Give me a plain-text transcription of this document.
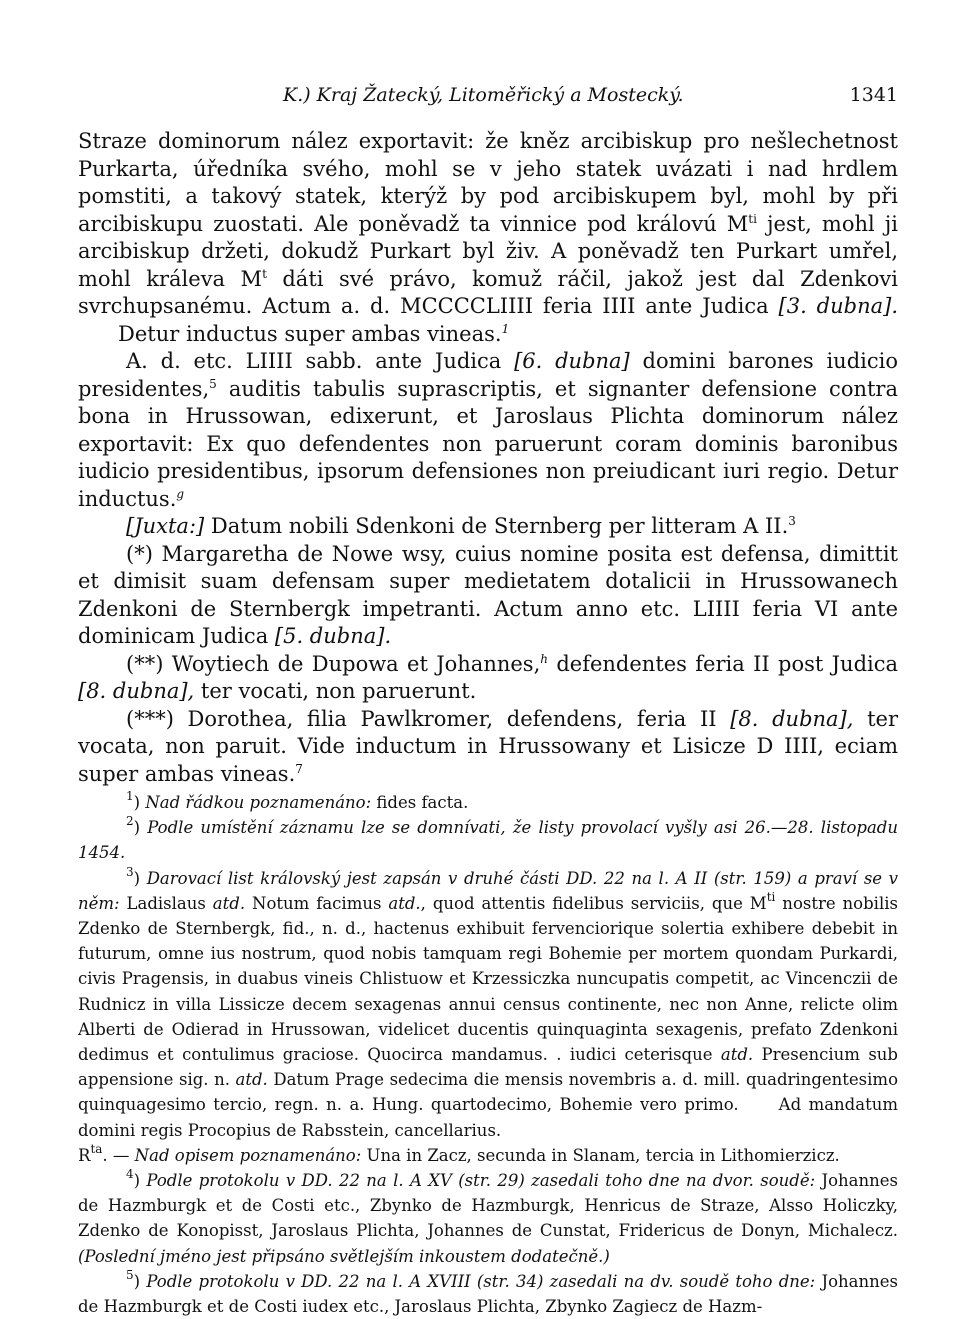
K.) Kraj Žatecký, Litoměřický a Mostecký.	1341

Straze dominorum nález exportavit: že kněz arcibiskup pro nešlechetnost Purkarta, úředníka svého, mohl se v jeho statek uvázati i nad hrdlem pomstiti, a takový statek, kterýž by pod arcibiskupem byl, mohl by při arcibiskupu zuostati. Ale poněvadž ta vinnice pod královú $M^{ti}$ jest, mohl ji arcibiskup držeti, dokudž Purkart byl živ. A poněvadž ten Purkart umřel, mohl králeva $M^t$ dáti své právo, komuž ráčil, jakož jest dal Zdenkovi svrchupsanému. Actum a. d. MCCCCLIIII feria IIII ante Judica [3. dubna].Detur inductus super ambas vineas.$^1$

A. d. etc. LIIII sabb. ante Judica [6. dubna] domini barones iudicio presidentes,$^5$ auditis tabulis suprascriptis, et signanter defensione contra bona in Hrussowan, edixerunt, et Jaroslaus Plichta dominorum nález exportavit: Ex quo defendentes non paruerunt coram dominis baronibus iudicio presidentibus, ipsorum defensiones non preiudicant iuri regio. Detur inductus.$^g$

[Juxta:] Datum nobili Sdenkoni de Sternberg per litteram A II.$^3$

(*) Margaretha de Nowe wsy, cuius nomine posita est defensa, dimittit et dimisit suam defensam super medietatem dotalicii in Hrussowanech Zdenkoni de Sternbergk impetranti. Actum anno etc. LIIII feria VI ante dominicam Judica [5. dubna].

(**) Woytiech de Dupowa et Johannes,$^h$ defendentes feria II post Judica [8. dubna], ter vocati, non paruerunt.

(***) Dorothea, filia Pawlkromer, defendens, feria II [8. dubna], ter vocata, non paruit. Vide inductum in Hrussowany et Lisicze D IIII, eciam super ambas vineas.$^7$

$^1$) Nad řádkou poznamenáno: fides facta.

$^2$) Podle umístění záznamu lze se domnívati, že listy provolací vyšly asi 26.—28. listopadu 1454.

$^3$) Darovací list královský jest zapsán v druhé části DD. 22 na l. A II (str. 159) a praví se v něm: Ladislaus atd. Notum facimus atd., quod attentis fidelibus serviciis, que $M^{ti}$ nostre nobilis Zdenko de Sternbergk, fid., n. d., hactenus exhibuit fervenciorique solertia exhibere debebit in futurum, omne ius nostrum, quod nobis tamquam regi Bohemie per mortem quondam Purkardi, civis Pragensis, in duabus vineis Chlistuow et Krzessiczka nuncupatis competit, ac Vincenczii de Rudnicz in villa Lissicze decem sexagenas annui census continente, nec non Anne, relicte olim Alberti de Odierad in Hrussowan, videlicet ducentis quinquaginta sexagenis, prefato Zdenkoni dedimus et contulimus graciose. Quocirca mandamus. . iudici ceterisque atd. Presencium sub appensione sig. n. atd. Datum Prage sedecima die mensis novembris a. d. mill. quadringentesimo quinquagesimo tercio, regn. n. a. Hung. quartodecimo, Bohemie vero primo. Ad mandatum domini regis Procopius de Rabsstein, cancellarius.
$R^{ta}$. — Nad opisem poznamenáno: Una in Zacz, secunda in Slanam, tercia in Lithomierzicz.

$^4$) Podle protokolu v DD. 22 na l. A XV (str. 29) zasedali toho dne na dvor. soudě: Johannes de Hazmburgk et de Costi etc., Zbynko de Hazmburgk, Henricus de Straze, Alsso Holiczky, Zdenko de Konopisst, Jaroslaus Plichta, Johannes de Cunstat, Fridericus de Donyn, Michalecz. (Poslední jméno jest připsáno světlejším inkoustem dodatečně.)

$^5$) Podle protokolu v DD. 22 na l. A XVIII (str. 34) zasedali na dv. soudě toho dne: Johannes de Hazmburgk et de Costi iudex etc., Jaroslaus Plichta, Zbynko Zagiecz de Hazm-
